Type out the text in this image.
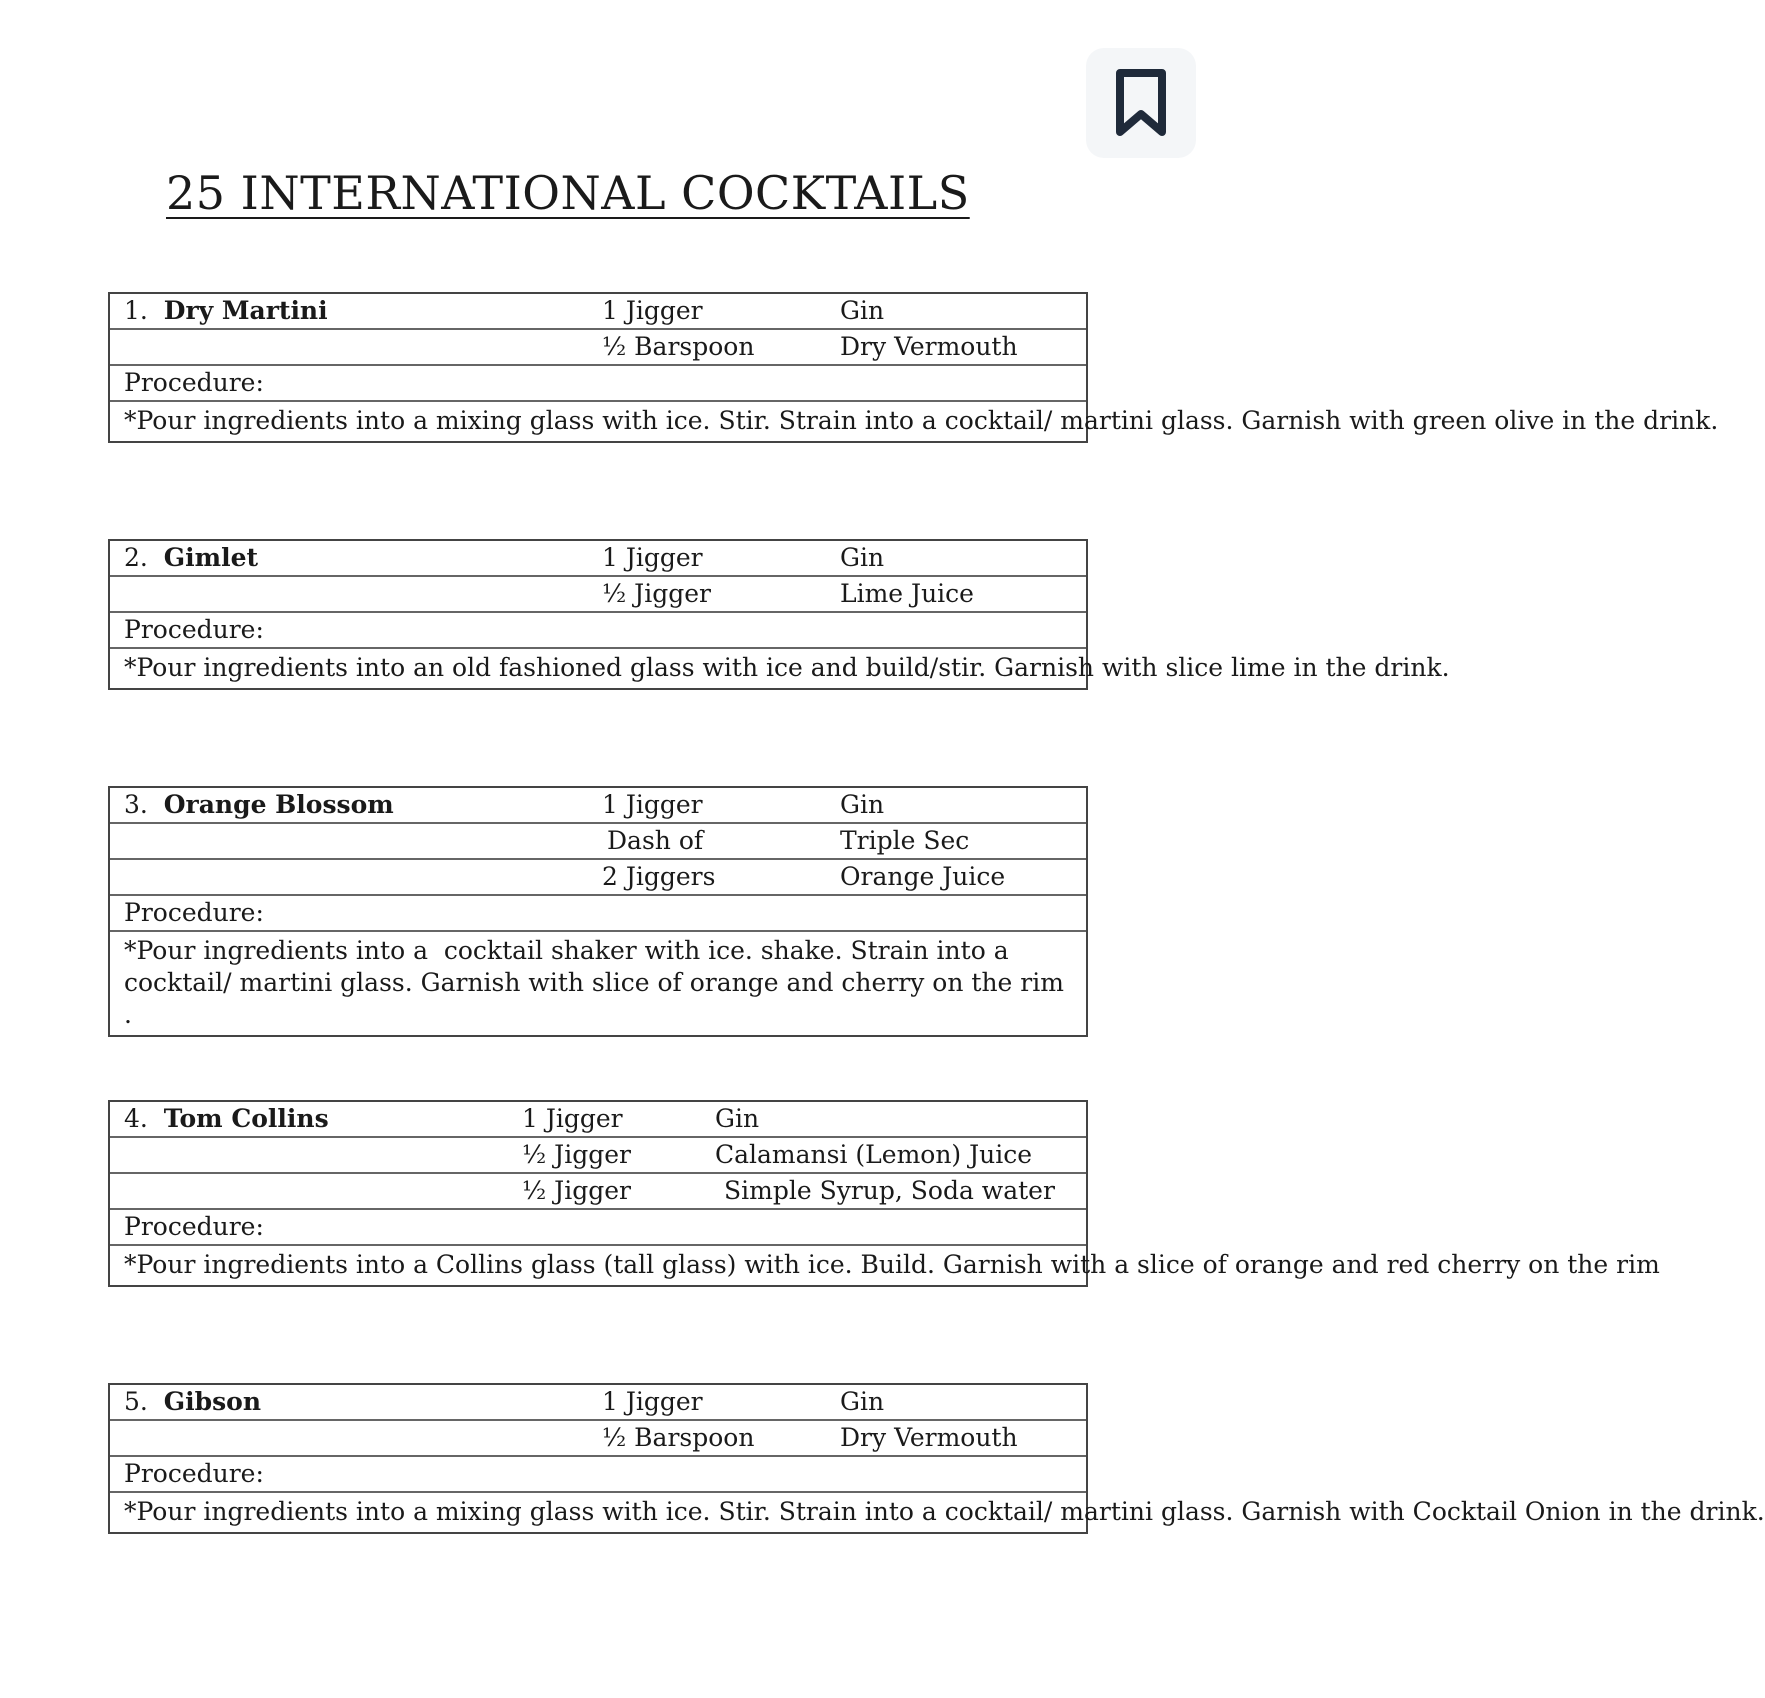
25 INTERNATIONAL COCKTAILS
1. Dry Martini	1 Jigger	Gin
½ Barspoon	Dry Vermouth
Procedure:
*Pour ingredients into a mixing glass with ice. Stir. Strain into a cocktail/ martini glass. Garnish with green olive in the drink.
2. Gimlet	1 Jigger	Gin
½ Jigger	Lime Juice
Procedure:
*Pour ingredients into an old fashioned glass with ice and build/stir. Garnish with slice lime in the drink.
3. Orange Blossom	1 Jigger	Gin
Dash of	Triple Sec
2 Jiggers	Orange Juice
Procedure:
*Pour ingredients into a  cocktail shaker with ice. shake. Strain into a cocktail/ martini glass. Garnish with slice of orange and cherry on the rim .
4. Tom Collins	1 Jigger	Gin
½ Jigger	Calamansi (Lemon) Juice
½ Jigger	Simple Syrup, Soda water
Procedure:
*Pour ingredients into a Collins glass (tall glass) with ice. Build. Garnish with a slice of orange and red cherry on the rim
5. Gibson	1 Jigger	Gin
½ Barspoon	Dry Vermouth
Procedure:
*Pour ingredients into a mixing glass with ice. Stir. Strain into a cocktail/ martini glass. Garnish with Cocktail Onion in the drink.
